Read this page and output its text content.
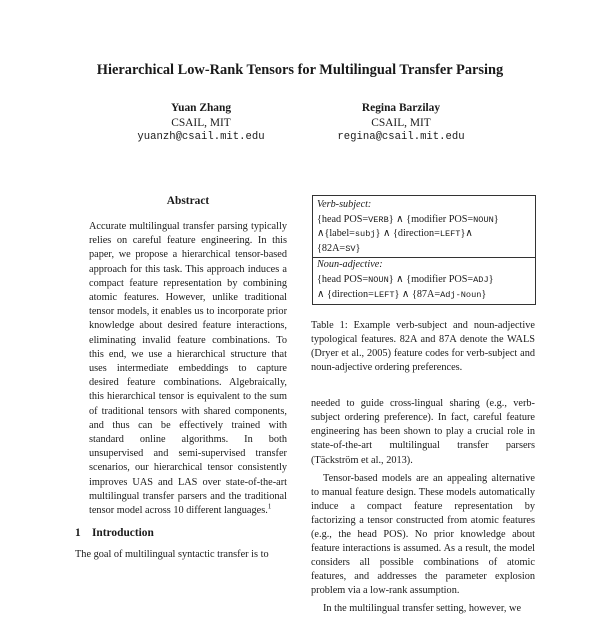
Hierarchical Low-Rank Tensors for Multilingual Transfer Parsing
Yuan Zhang
CSAIL, MIT
yuanzh@csail.mit.edu
Regina Barzilay
CSAIL, MIT
regina@csail.mit.edu
Abstract
Accurate multilingual transfer parsing typically relies on careful feature engineering. In this paper, we propose a hierarchical tensor-based approach for this task. This approach induces a compact feature representation by combining atomic features. However, unlike traditional tensor models, it enables us to incorporate prior knowledge about desired feature interactions, eliminating invalid feature combinations. To this end, we use a hierarchical structure that uses intermediate embeddings to capture desired feature combinations. Algebraically, this hierarchical tensor is equivalent to the sum of traditional tensors with shared components, and thus can be effectively trained with standard online algorithms. In both unsupervised and semi-supervised transfer scenarios, our hierarchical tensor consistently improves UAS and LAS over state-of-the-art multilingual transfer parsers and the traditional tensor model across 10 different languages.$^1$
1 Introduction
The goal of multilingual syntactic transfer is to
Verb-subject:
{head POS=VERB} ∧ {modifier POS=NOUN}
∧{label=subj} ∧ {direction=LEFT}∧
{82A=SV}
Noun-adjective:
{head POS=NOUN} ∧ {modifier POS=ADJ}
∧ {direction=LEFT} ∧ {87A=Adj-Noun}
Table 1: Example verb-subject and noun-adjective typological features. 82A and 87A denote the WALS (Dryer et al., 2005) feature codes for verb-subject and noun-adjective ordering preferences.

needed to guide cross-lingual sharing (e.g., verb-subject ordering preference). In fact, careful feature engineering has been shown to play a crucial role in state-of-the-art multilingual transfer parsers (Täckström et al., 2013).

Tensor-based models are an appealing alternative to manual feature design. These models automatically induce a compact feature representation by factorizing a tensor constructed from atomic features (e.g., the head POS). No prior knowledge about feature interactions is assumed. As a result, the model considers all possible combinations of atomic features, and addresses the parameter explosion problem via a low-rank assumption.

In the multilingual transfer setting, however, we
